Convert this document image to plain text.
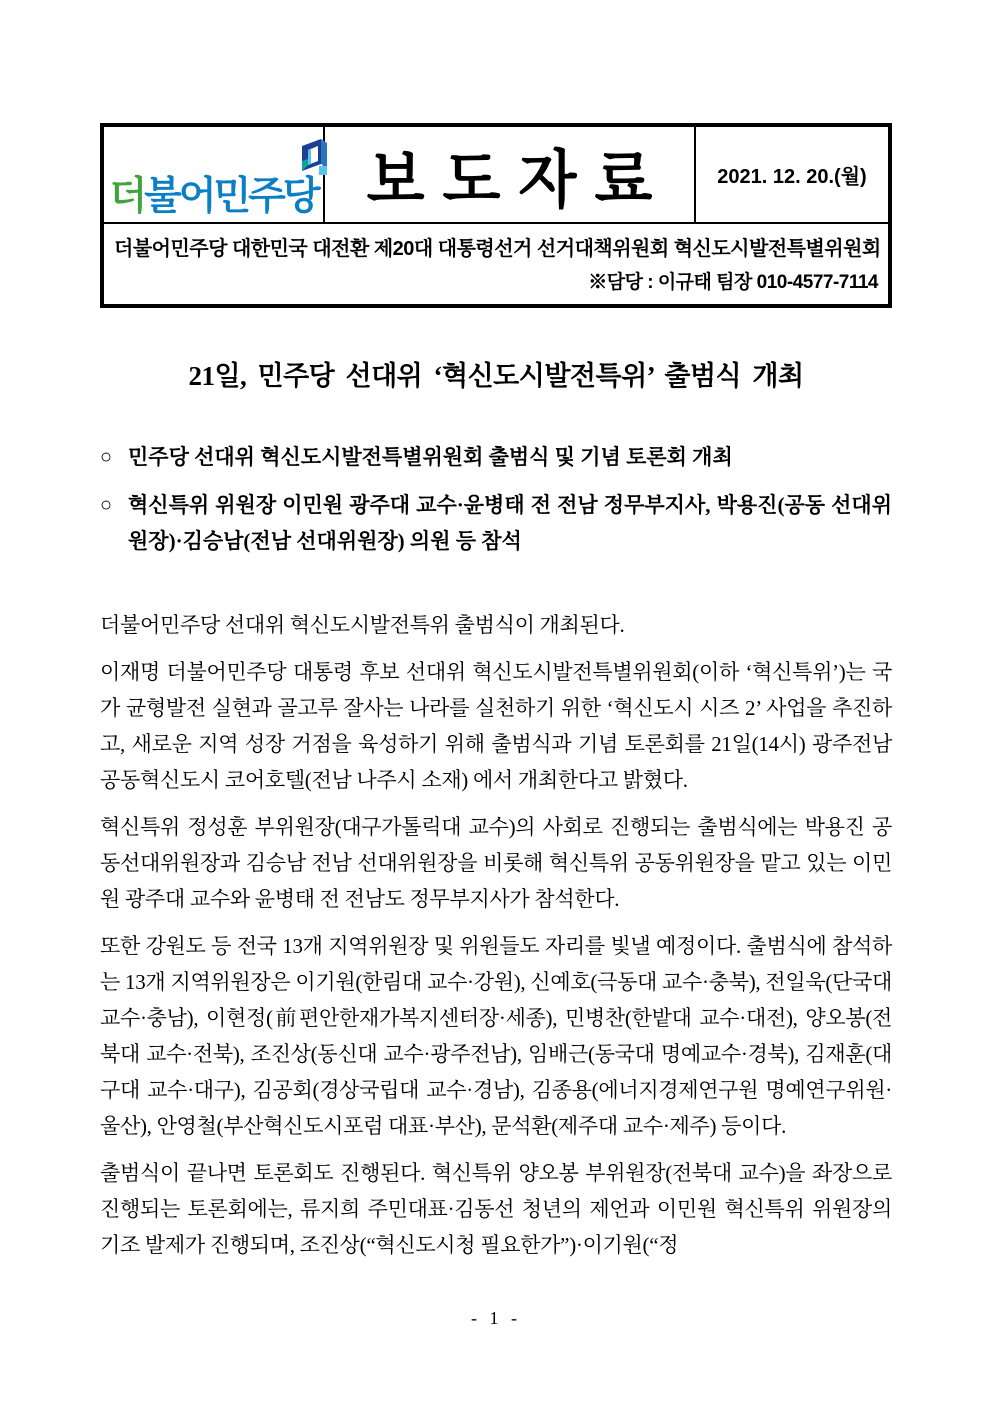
더불어민주당 보도자료 2021. 12. 20.(월)
더불어민주당 대한민국 대전환 제20대 대통령선거 선거대책위원회 혁신도시발전특별위원회
※담당 : 이규태 팀장 010-4577-7114
21일, 민주당 선대위 ‘혁신도시발전특위’ 출범식 개최
○ 민주당 선대위 혁신도시발전특별위원회 출범식 및 기념 토론회 개최
○ 혁신특위 위원장 이민원 광주대 교수·윤병태 전 전남 정무부지사, 박용진(공동 선대위원장)·김승남(전남 선대위원장) 의원 등 참석

더불어민주당 선대위 혁신도시발전특위 출범식이 개최된다.

이재명 더불어민주당 대통령 후보 선대위 혁신도시발전특별위원회(이하 ‘혁신특위’)는 국가 균형발전 실현과 골고루 잘사는 나라를 실천하기 위한 ‘혁신도시 시즈 2’ 사업을 추진하고, 새로운 지역 성장 거점을 육성하기 위해 출범식과 기념 토론회를 21일(14시) 광주전남 공동혁신도시 코어호텔(전남 나주시 소재) 에서 개최한다고 밝혔다.

혁신특위 정성훈 부위원장(대구가톨릭대 교수)의 사회로 진행되는 출범식에는 박용진 공동선대위원장과 김승남 전남 선대위원장을 비롯해 혁신특위 공동위원장을 맡고 있는 이민원 광주대 교수와 윤병태 전 전남도 정무부지사가 참석한다.

또한 강원도 등 전국 13개 지역위원장 및 위원들도 자리를 빛낼 예정이다. 출범식에 참석하는 13개 지역위원장은 이기원(한림대 교수·강원), 신예호(극동대 교수·충북), 전일욱(단국대 교수·충남), 이현정(前편안한재가복지센터장·세종), 민병찬(한밭대 교수·대전), 양오봉(전북대 교수·전북), 조진상(동신대 교수·광주전남), 임배근(동국대 명예교수·경북), 김재훈(대구대 교수·대구), 김공회(경상국립대 교수·경남), 김종용(에너지경제연구원 명예연구위원·울산), 안영철(부산혁신도시포럼 대표·부산), 문석환(제주대 교수·제주) 등이다.

출범식이 끝나면 토론회도 진행된다. 혁신특위 양오봉 부위원장(전북대 교수)을 좌장으로 진행되는 토론회에는, 류지희 주민대표·김동선 청년의 제언과 이민원 혁신특위 위원장의 기조 발제가 진행되며, 조진상(“혁신도시청 필요한가”)·이기원(“정

- 1 -
